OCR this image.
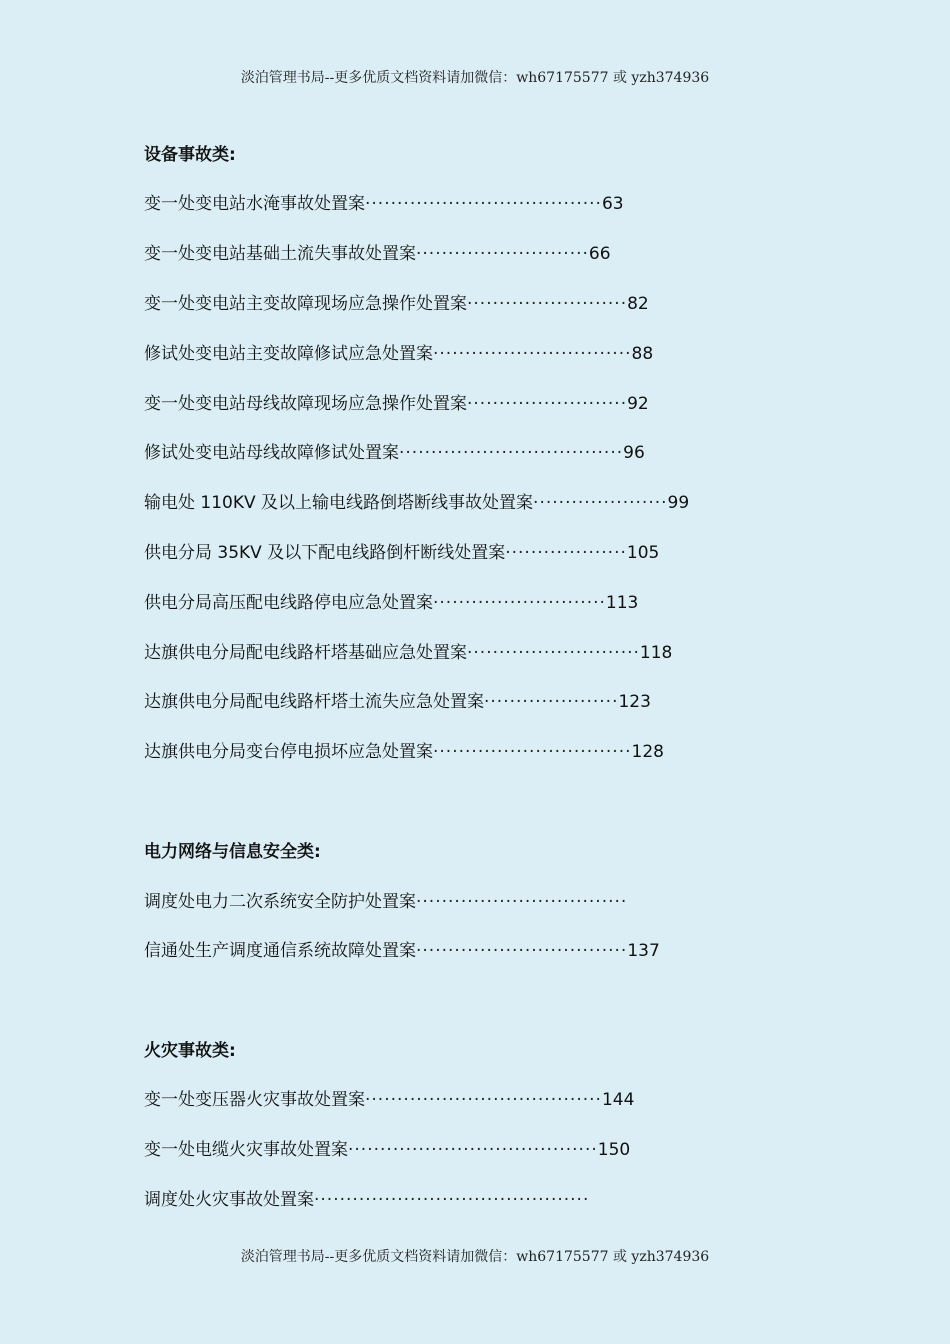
淡泊管理书局--更多优质文档资料请加微信：wh67175577 或 yzh374936
设备事故类:
变一处变电站水淹事故处置案 ····································· 63
变一处变电站基础土流失事故处置案 ··························· 66
变一处变电站主变故障现场应急操作处置案 ························· 82
修试处变电站主变故障修试应急处置案 ······························· 88
变一处变电站母线故障现场应急操作处置案 ························· 92
修试处变电站母线故障修试处置案 ··································· 96
输电处 110KV 及以上输电线路倒塔断线事故处置案 ····················· 99
供电分局 35KV 及以下配电线路倒杆断线处置案 ··················· 105
供电分局高压配电线路停电应急处置案 ··························· 113
达旗供电分局配电线路杆塔基础应急处置案 ··························· 118
达旗供电分局配电线路杆塔土流失应急处置案 ····················· 123
达旗供电分局变台停电损坏应急处置案 ······························· 128
电力网络与信息安全类:
调度处电力二次系统安全防护处置案 ·································
信通处生产调度通信系统故障处置案 ································· 137
火灾事故类:
变一处变压器火灾事故处置案 ····································· 144
变一处电缆火灾事故处置案 ······································· 150
调度处火灾事故处置案 ···········································
淡泊管理书局--更多优质文档资料请加微信：wh67175577 或 yzh374936
